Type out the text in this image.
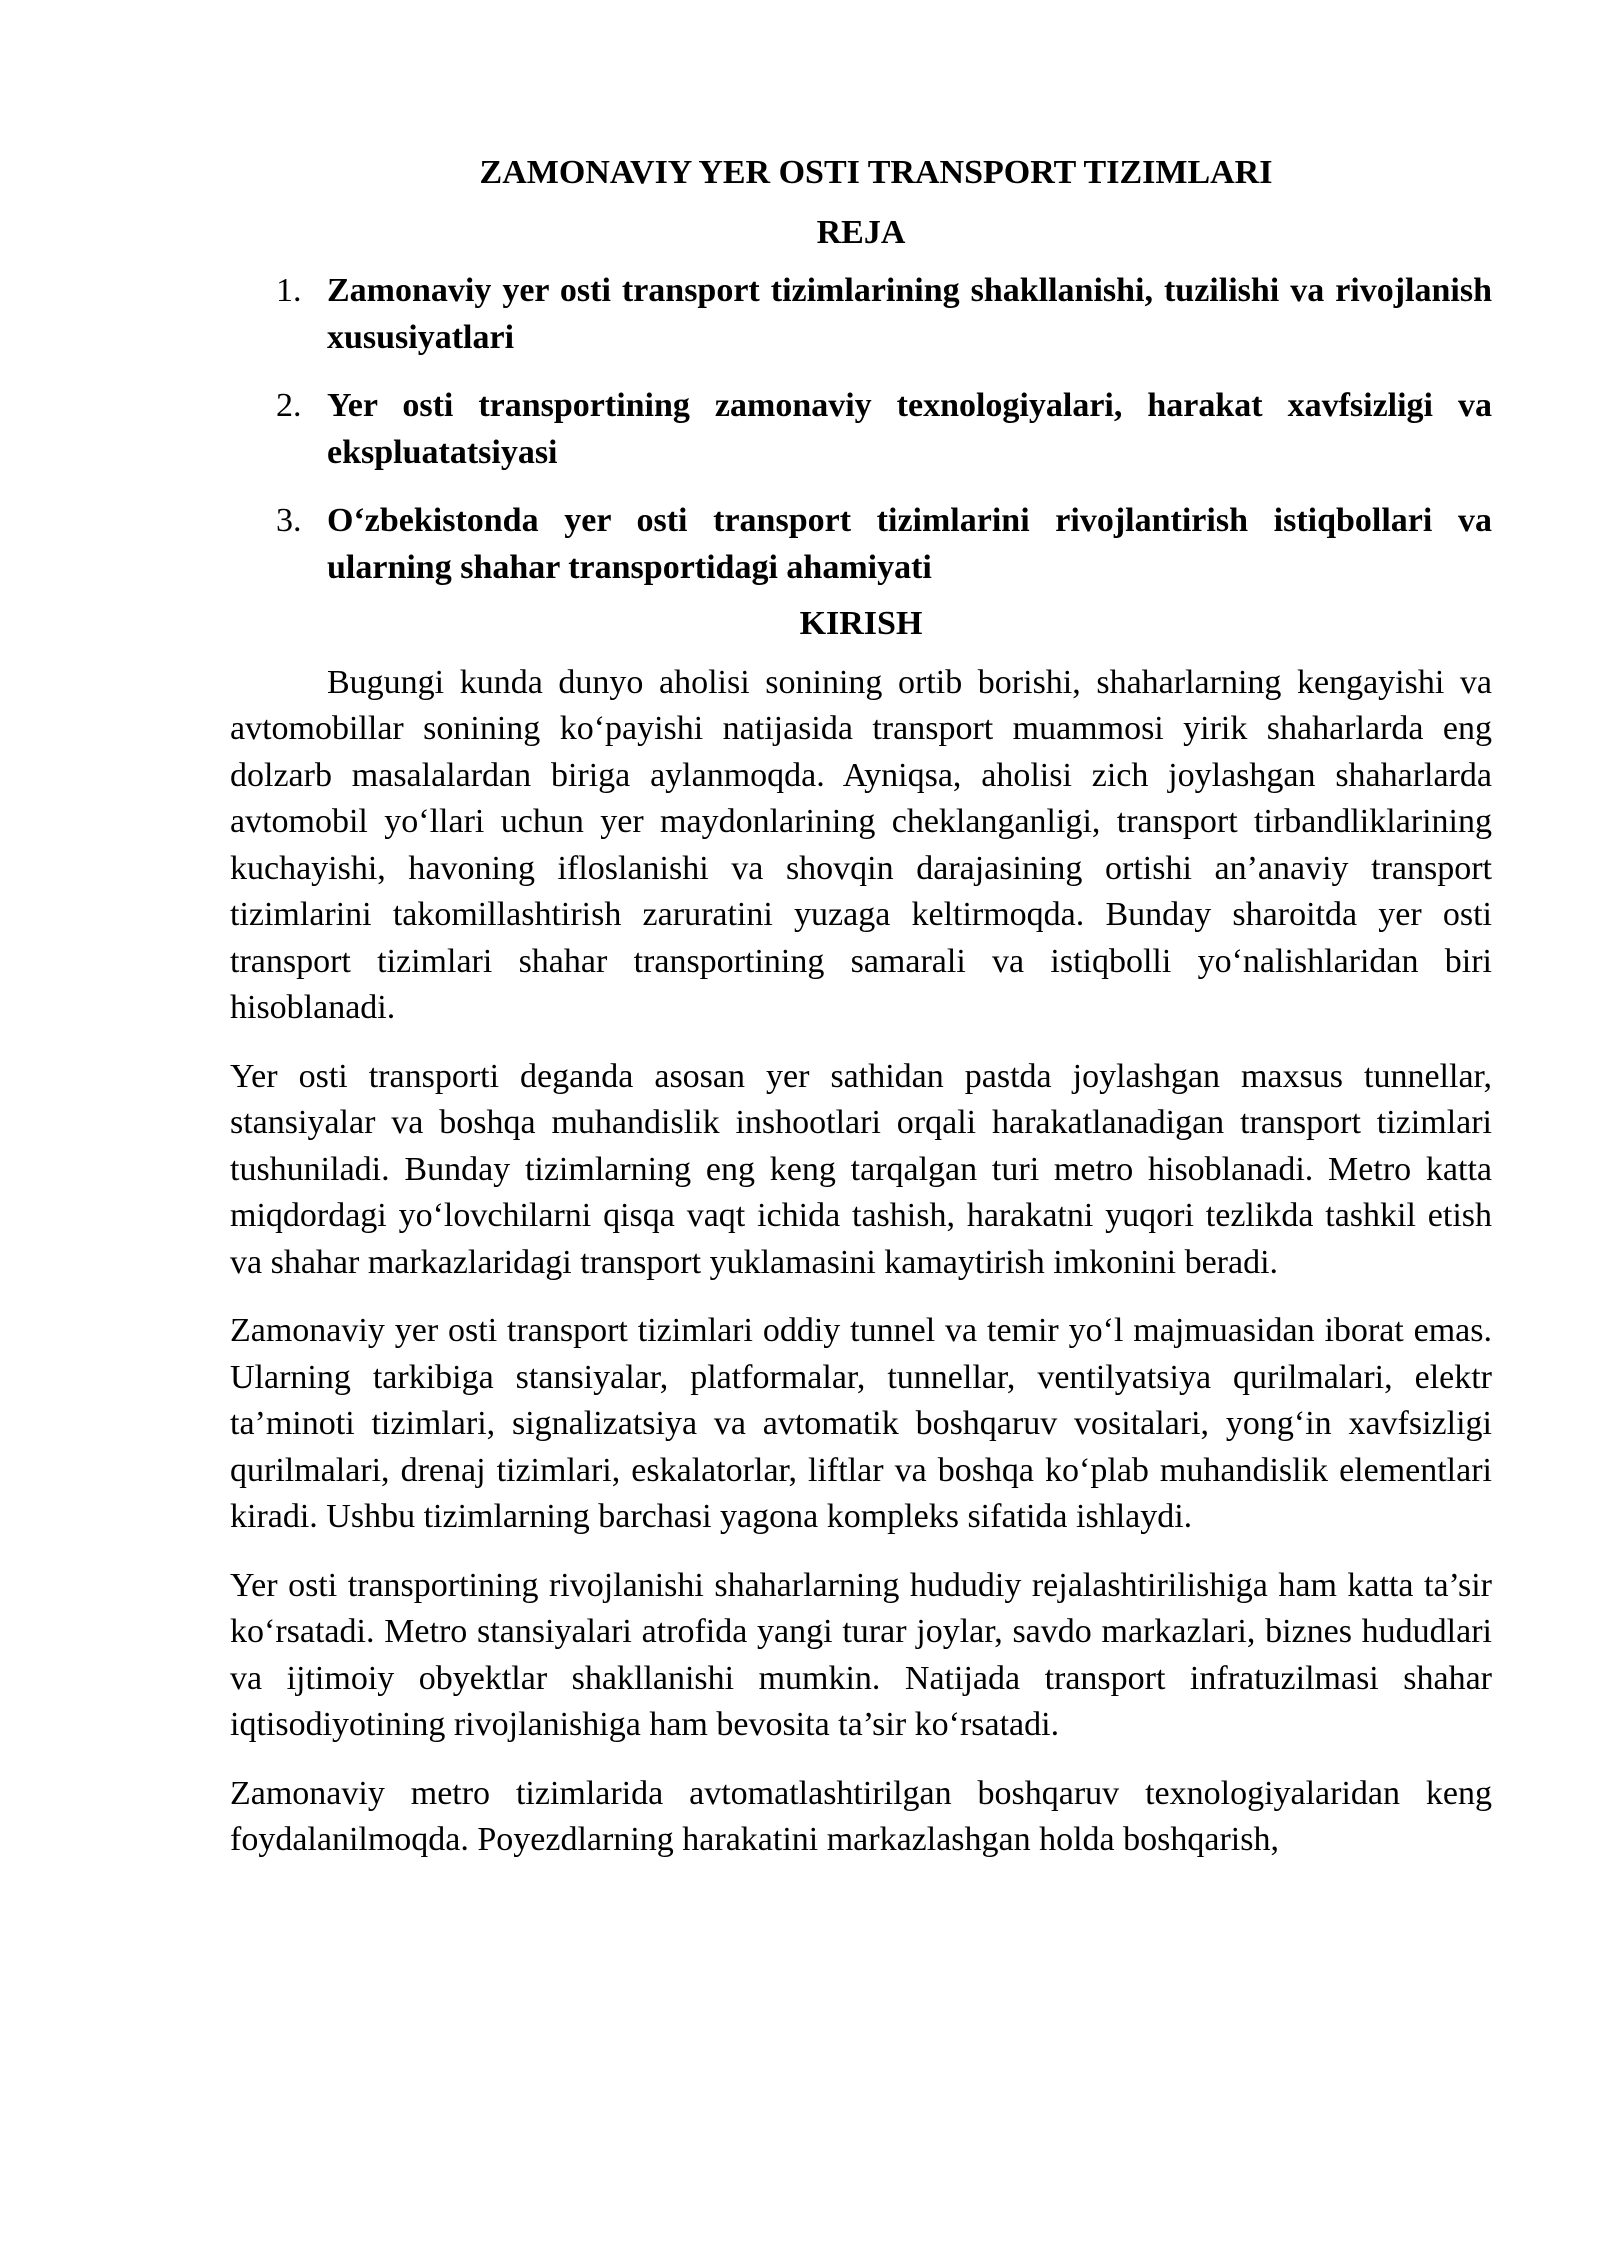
ZAMONAVIY YER OSTI TRANSPORT TIZIMLARI
REJA
1. Zamonaviy yer osti transport tizimlarining shakllanishi, tuzilishi va rivojlanish xususiyatlari
2. Yer osti transportining zamonaviy texnologiyalari, harakat xavfsizligi va ekspluatatsiyasi
3. O‘zbekistonda yer osti transport tizimlarini rivojlantirish istiqbollari va ularning shahar transportidagi ahamiyati
KIRISH

Bugungi kunda dunyo aholisi sonining ortib borishi, shaharlarning kengayishi va avtomobillar sonining ko‘payishi natijasida transport muammosi yirik shaharlarda eng dolzarb masalalardan biriga aylanmoqda. Ayniqsa, aholisi zich joylashgan shaharlarda avtomobil yo‘llari uchun yer maydonlarining cheklanganligi, transport tirbandliklarining kuchayishi, havoning ifloslanishi va shovqin darajasining ortishi an’anaviy transport tizimlarini takomillashtirish zaruratini yuzaga keltirmoqda. Bunday sharoitda yer osti transport tizimlari shahar transportining samarali va istiqbolli yo‘nalishlaridan biri hisoblanadi.

Yer osti transporti deganda asosan yer sathidan pastda joylashgan maxsus tunnellar, stansiyalar va boshqa muhandislik inshootlari orqali harakatlanadigan transport tizimlari tushuniladi. Bunday tizimlarning eng keng tarqalgan turi metro hisoblanadi. Metro katta miqdordagi yo‘lovchilarni qisqa vaqt ichida tashish, harakatni yuqori tezlikda tashkil etish va shahar markazlaridagi transport yuklamasini kamaytirish imkonini beradi.

Zamonaviy yer osti transport tizimlari oddiy tunnel va temir yo‘l majmuasidan iborat emas. Ularning tarkibiga stansiyalar, platformalar, tunnellar, ventilyatsiya qurilmalari, elektr ta’minoti tizimlari, signalizatsiya va avtomatik boshqaruv vositalari, yong‘in xavfsizligi qurilmalari, drenaj tizimlari, eskalatorlar, liftlar va boshqa ko‘plab muhandislik elementlari kiradi. Ushbu tizimlarning barchasi yagona kompleks sifatida ishlaydi.

Yer osti transportining rivojlanishi shaharlarning hududiy rejalashtirilishiga ham katta ta’sir ko‘rsatadi. Metro stansiyalari atrofida yangi turar joylar, savdo markazlari, biznes hududlari va ijtimoiy obyektlar shakllanishi mumkin. Natijada transport infratuzilmasi shahar iqtisodiyotining rivojlanishiga ham bevosita ta’sir ko‘rsatadi.

Zamonaviy metro tizimlarida avtomatlashtirilgan boshqaruv texnologiyalaridan keng foydalanilmoqda. Poyezdlarning harakatini markazlashgan holda boshqarish,
